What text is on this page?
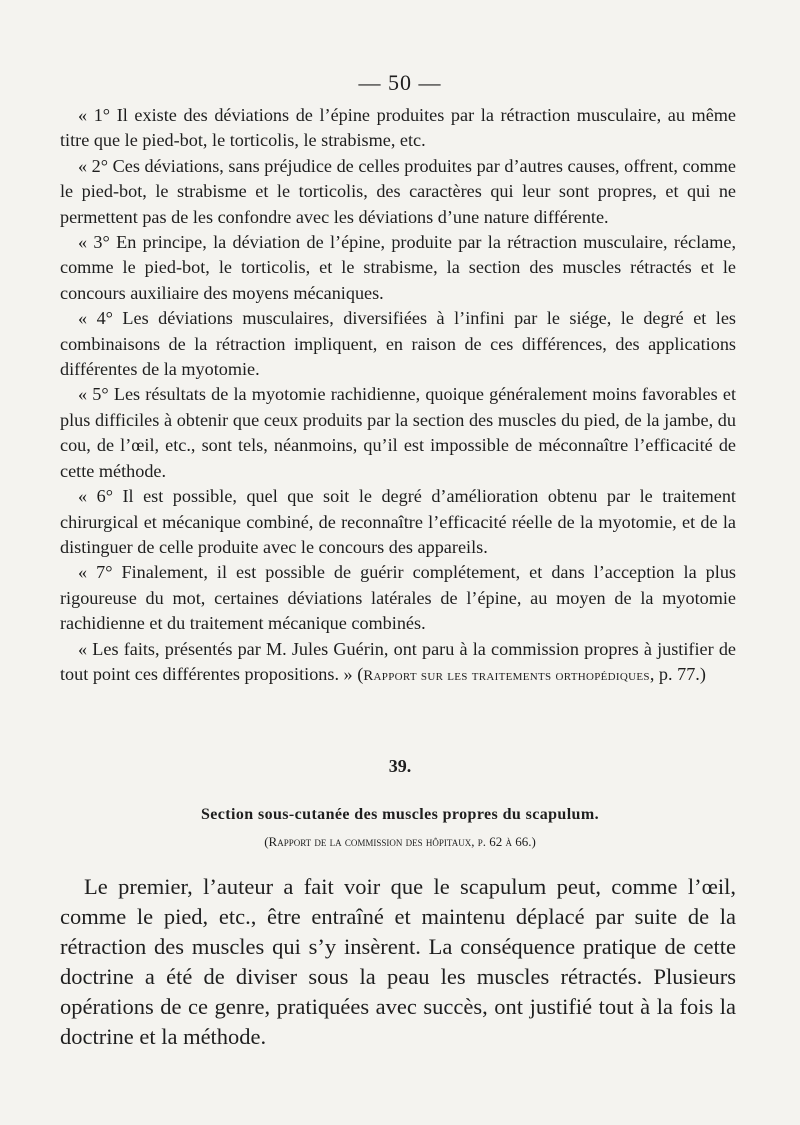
— 50 —

« 1° Il existe des déviations de l’épine produites par la rétraction musculaire, au même titre que le pied-bot, le torticolis, le strabisme, etc.

« 2° Ces déviations, sans préjudice de celles produites par d’autres causes, offrent, comme le pied-bot, le strabisme et le torticolis, des caractères qui leur sont propres, et qui ne permettent pas de les confondre avec les déviations d’une nature différente.

« 3° En principe, la déviation de l’épine, produite par la rétraction musculaire, réclame, comme le pied-bot, le torticolis, et le strabisme, la section des muscles rétractés et le concours auxiliaire des moyens mécaniques.

« 4° Les déviations musculaires, diversifiées à l’infini par le siége, le degré et les combinaisons de la rétraction impliquent, en raison de ces différences, des applications différentes de la myotomie.

« 5° Les résultats de la myotomie rachidienne, quoique généralement moins favorables et plus difficiles à obtenir que ceux produits par la section des muscles du pied, de la jambe, du cou, de l’œil, etc., sont tels, néanmoins, qu’il est impossible de méconnaître l’efficacité de cette méthode.

« 6° Il est possible, quel que soit le degré d’amélioration obtenu par le traitement chirurgical et mécanique combiné, de reconnaître l’efficacité réelle de la myotomie, et de la distinguer de celle produite avec le concours des appareils.

« 7° Finalement, il est possible de guérir complétement, et dans l’acception la plus rigoureuse du mot, certaines déviations latérales de l’épine, au moyen de la myotomie rachidienne et du traitement mécanique combinés.

« Les faits, présentés par M. Jules Guérin, ont paru à la commission propres à justifier de tout point ces différentes propositions. » (Rapport sur les traitements orthopédiques, p. 77.)

39.
Section sous-cutanée des muscles propres du scapulum.
(Rapport de la commission des hôpitaux, p. 62 à 66.)

Le premier, l’auteur a fait voir que le scapulum peut, comme l’œil, comme le pied, etc., être entraîné et maintenu déplacé par suite de la rétraction des muscles qui s’y insèrent. La conséquence pratique de cette doctrine a été de diviser sous la peau les muscles rétractés. Plusieurs opérations de ce genre, pratiquées avec succès, ont justifié tout à la fois la doctrine et la méthode.
